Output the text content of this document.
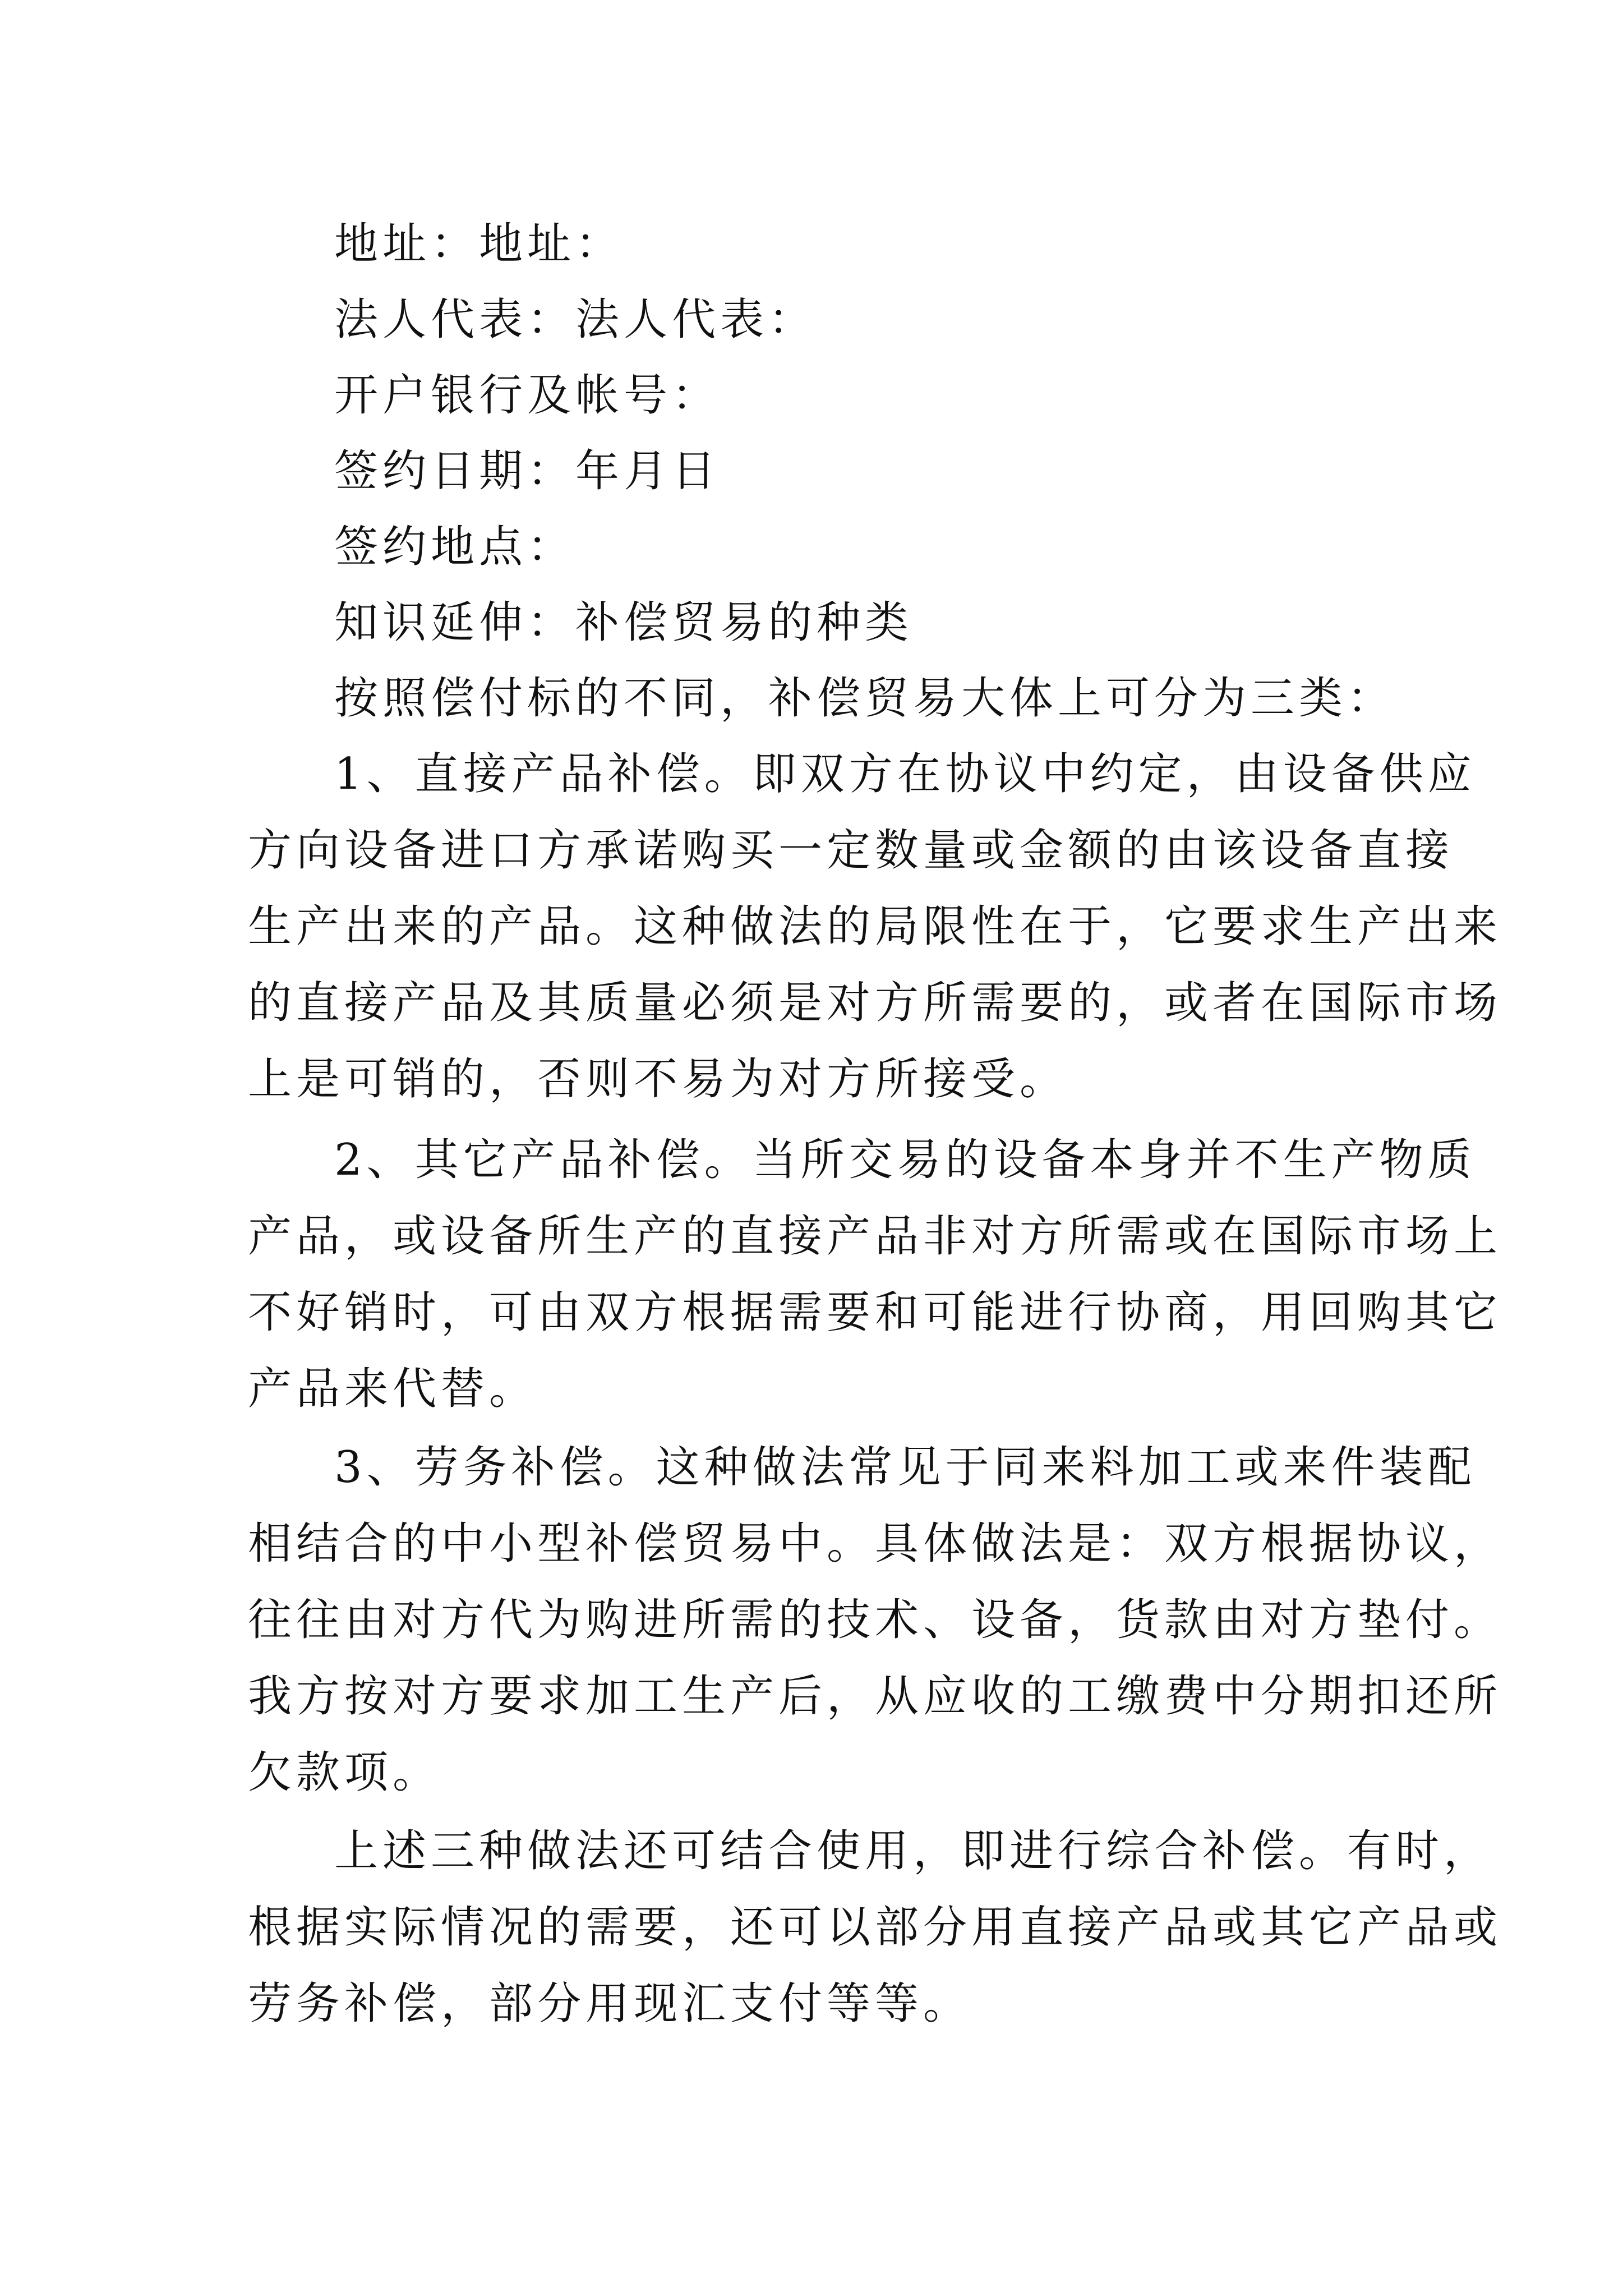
地址：地址：
法人代表：法人代表：
开户银行及帐号：
签约日期：年月日
签约地点：
知识延伸：补偿贸易的种类
按照偿付标的不同，补偿贸易大体上可分为三类：
1、直接产品补偿。即双方在协议中约定，由设备供应
方向设备进口方承诺购买一定数量或金额的由该设备直接
生产出来的产品。这种做法的局限性在于，它要求生产出来
的直接产品及其质量必须是对方所需要的，或者在国际市场
上是可销的，否则不易为对方所接受。
2、其它产品补偿。当所交易的设备本身并不生产物质
产品，或设备所生产的直接产品非对方所需或在国际市场上
不好销时，可由双方根据需要和可能进行协商，用回购其它
产品来代替。
3、劳务补偿。这种做法常见于同来料加工或来件装配
相结合的中小型补偿贸易中。具体做法是：双方根据协议，
往往由对方代为购进所需的技术、设备，货款由对方垫付。
我方按对方要求加工生产后，从应收的工缴费中分期扣还所
欠款项。
上述三种做法还可结合使用，即进行综合补偿。有时，
根据实际情况的需要，还可以部分用直接产品或其它产品或
劳务补偿，部分用现汇支付等等。
